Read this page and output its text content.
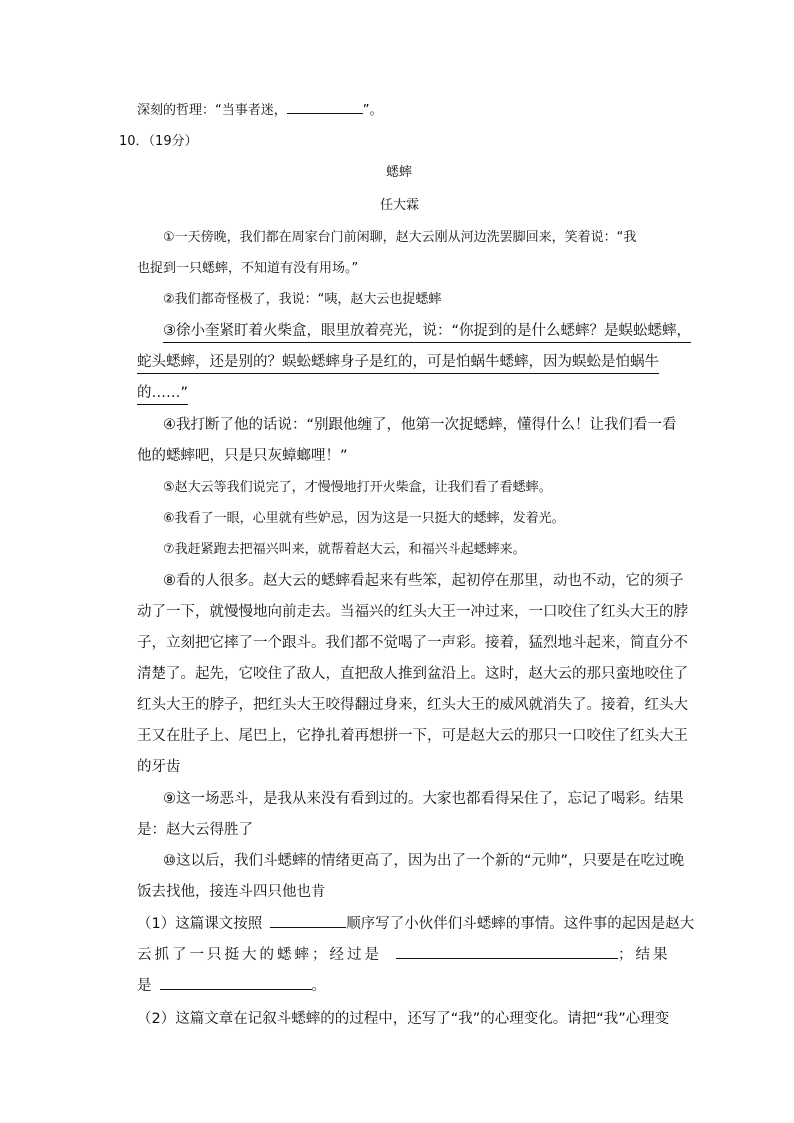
深刻的哲理：“当事者迷，	”。
10．（19分）
蟋蟀
任大霖
①一天傍晚，我们都在周家台门前闲聊，赵大云刚从河边洗罢脚回来，笑着说：“我
也捉到一只蟋蟀，不知道有没有用场。”
②我们都奇怪极了，我说：“咦，赵大云也捉蟋蟀
③徐小奎紧盯着火柴盒，眼里放着亮光，说：“你捉到的是什么蟋蟀？是蜈蚣蟋蟀，
蛇头蟋蟀，还是别的？蜈蚣蟋蟀身子是红的，可是怕蜗牛蟋蟀，因为蜈蚣是怕蜗牛
的……”
④我打断了他的话说：“别跟他缠了，他第一次捉蟋蟀，懂得什么！让我们看一看
他的蟋蟀吧，只是只灰蟑螂哩！”
⑤赵大云等我们说完了，才慢慢地打开火柴盒，让我们看了看蟋蟀。
⑥我看了一眼，心里就有些妒忌，因为这是一只挺大的蟋蟀，发着光。
⑦我赶紧跑去把福兴叫来，就帮着赵大云，和福兴斗起蟋蟀来。
⑧看的人很多。赵大云的蟋蟀看起来有些笨，起初停在那里，动也不动，它的须子
动了一下，就慢慢地向前走去。当福兴的红头大王一冲过来，一口咬住了红头大王的脖
子，立刻把它摔了一个跟斗。我们都不觉喝了一声彩。接着，猛烈地斗起来，简直分不
清楚了。起先，它咬住了敌人，直把敌人推到盆沿上。这时，赵大云的那只蛮地咬住了
红头大王的脖子，把红头大王咬得翻过身来，红头大王的威风就消失了。接着，红头大
王又在肚子上、尾巴上，它挣扎着再想拼一下，可是赵大云的那只一口咬住了红头大王
的牙齿
⑨这一场恶斗，是我从来没有看到过的。大家也都看得呆住了，忘记了喝彩。结果
是：赵大云得胜了
⑩这以后，我们斗蟋蟀的情绪更高了，因为出了一个新的“元帅”，只要是在吃过晚
饭去找他，接连斗四只他也肯
（1）这篇课文按照	顺序写了小伙伴们斗蟋蟀的事情。这件事的起因是赵大
云抓了一只挺大的蟋蟀；经过是	；结果
是	。
（2）这篇文章在记叙斗蟋蟀的的过程中，还写了“我”的心理变化。请把“我”心理变
